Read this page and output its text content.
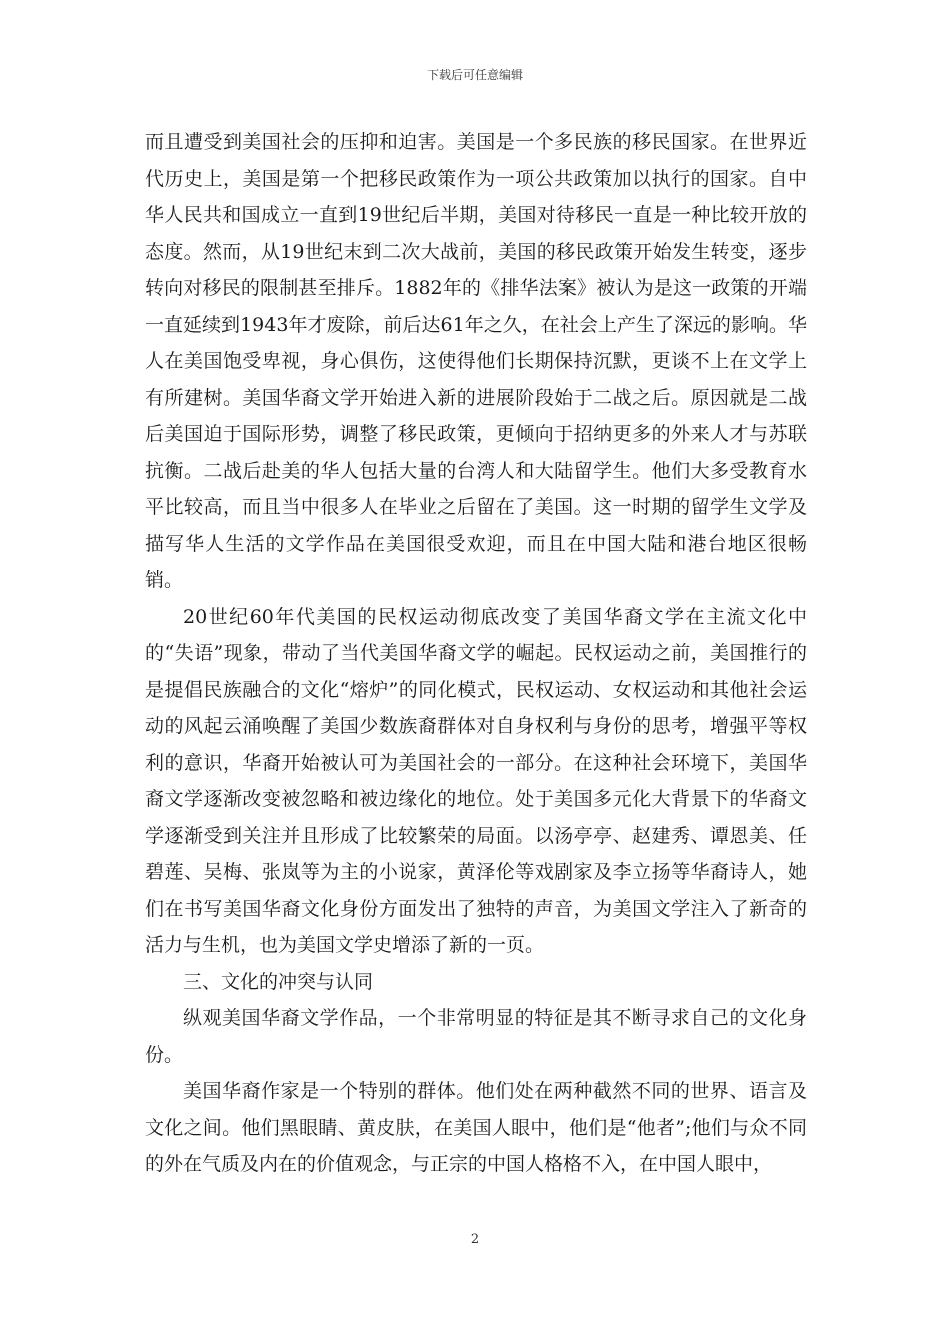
下载后可任意编辑

而且遭受到美国社会的压抑和迫害。美国是一个多民族的移民国家。在世界近代历史上，美国是第一个把移民政策作为一项公共政策加以执行的国家。自中华人民共和国成立一直到19世纪后半期，美国对待移民一直是一种比较开放的态度。然而，从19世纪末到二次大战前，美国的移民政策开始发生转变，逐步转向对移民的限制甚至排斥。1882年的《排华法案》被认为是这一政策的开端一直延续到1943年才废除，前后达61年之久，在社会上产生了深远的影响。华人在美国饱受卑视，身心俱伤，这使得他们长期保持沉默，更谈不上在文学上有所建树。美国华裔文学开始进入新的进展阶段始于二战之后。原因就是二战后美国迫于国际形势，调整了移民政策，更倾向于招纳更多的外来人才与苏联抗衡。二战后赴美的华人包括大量的台湾人和大陆留学生。他们大多受教育水平比较高，而且当中很多人在毕业之后留在了美国。这一时期的留学生文学及描写华人生活的文学作品在美国很受欢迎，而且在中国大陆和港台地区很畅销。

20世纪60年代美国的民权运动彻底改变了美国华裔文学在主流文化中的“失语”现象，带动了当代美国华裔文学的崛起。民权运动之前，美国推行的是提倡民族融合的文化“熔炉”的同化模式，民权运动、女权运动和其他社会运动的风起云涌唤醒了美国少数族裔群体对自身权利与身份的思考，增强平等权利的意识，华裔开始被认可为美国社会的一部分。在这种社会环境下，美国华裔文学逐渐改变被忽略和被边缘化的地位。处于美国多元化大背景下的华裔文学逐渐受到关注并且形成了比较繁荣的局面。以汤亭亭、赵建秀、谭恩美、任碧莲、吴梅、张岚等为主的小说家，黄泽伦等戏剧家及李立扬等华裔诗人，她们在书写美国华裔文化身份方面发出了独特的声音，为美国文学注入了新奇的活力与生机，也为美国文学史增添了新的一页。

三、文化的冲突与认同

纵观美国华裔文学作品，一个非常明显的特征是其不断寻求自己的文化身份。

美国华裔作家是一个特别的群体。他们处在两种截然不同的世界、语言及文化之间。他们黑眼睛、黄皮肤，在美国人眼中，他们是“他者”;他们与众不同的外在气质及内在的价值观念，与正宗的中国人格格不入，在中国人眼中，

2
